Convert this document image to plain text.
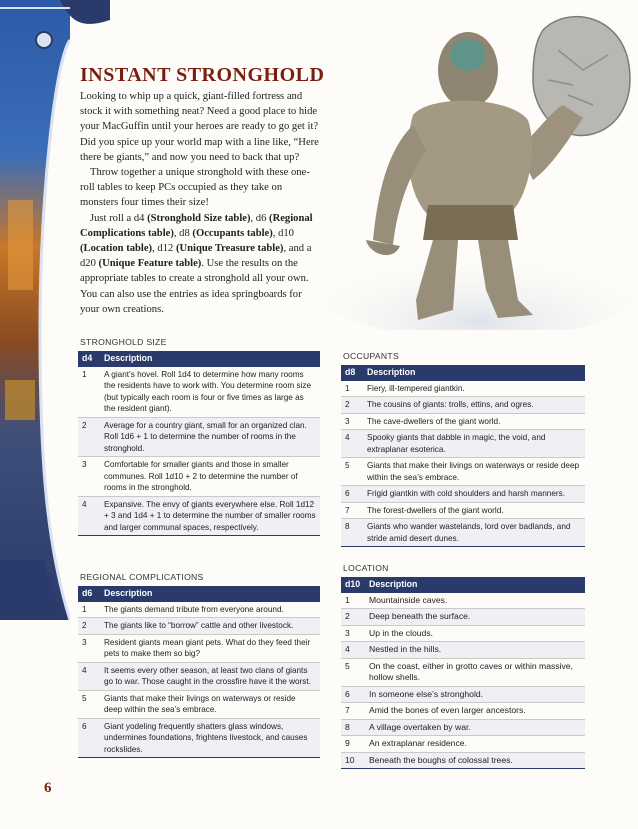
INSTANT STRONGHOLD

Looking to whip up a quick, giant-filled fortress and stock it with something neat? Need a good place to hide your MacGuffin until your heroes are ready to go get it? Did you spice up your world map with a line like, “Here there be giants,” and now you need to back that up?

Throw together a unique stronghold with these one-roll tables to keep PCs occupied as they take on monsters four times their size!

Just roll a d4 (Stronghold Size table), d6 (Regional Complications table), d8 (Occupants table), d10 (Location table), d12 (Unique Treasure table), and a d20 (Unique Feature table). Use the results on the appropriate tables to create a stronghold all your own. You can also use the entries as idea springboards for your own creations.

STRONGHOLD SIZE
d4	Description
1	A giant’s hovel. Roll 1d4 to determine how many rooms the residents have to work with. You determine room size (but typically each room is four or five times as large as the resident giant).
2	Average for a country giant, small for an organized clan. Roll 1d6 + 1 to determine the number of rooms in the stronghold.
3	Comfortable for smaller giants and those in smaller communes. Roll 1d10 + 2 to determine the number of rooms in the stronghold.
4	Expansive. The envy of giants everywhere else. Roll 1d12 + 3 and 1d4 + 1 to determine the number of smaller rooms and larger communal spaces, respectively.
REGIONAL COMPLICATIONS
d6	Description
1	The giants demand tribute from everyone around.
2	The giants like to “borrow” cattle and other livestock.
3	Resident giants mean giant pets. What do they feed their pets to make them so big?
4	It seems every other season, at least two clans of giants go to war. Those caught in the crossfire have it the worst.
5	Giants that make their livings on waterways or reside deep within the sea’s embrace.
6	Giant yodeling frequently shatters glass windows, undermines foundations, frightens livestock, and causes rockslides.
OCCUPANTS
d8	Description
1	Fiery, ill-tempered giantkin.
2	The cousins of giants: trolls, ettins, and ogres.
3	The cave-dwellers of the giant world.
4	Spooky giants that dabble in magic, the void, and extraplanar esoterica.
5	Giants that make their livings on waterways or reside deep within the sea’s embrace.
6	Frigid giantkin with cold shoulders and harsh manners.
7	The forest-dwellers of the giant world.
8	Giants who wander wastelands, lord over badlands, and stride amid desert dunes.
LOCATION
d10	Description
1	Mountainside caves.
2	Deep beneath the surface.
3	Up in the clouds.
4	Nestled in the hills.
5	On the coast, either in grotto caves or within massive, hollow shells.
6	In someone else’s stronghold.
7	Amid the bones of even larger ancestors.
8	A village overtaken by war.
9	An extraplanar residence.
10	Beneath the boughs of colossal trees.
6
